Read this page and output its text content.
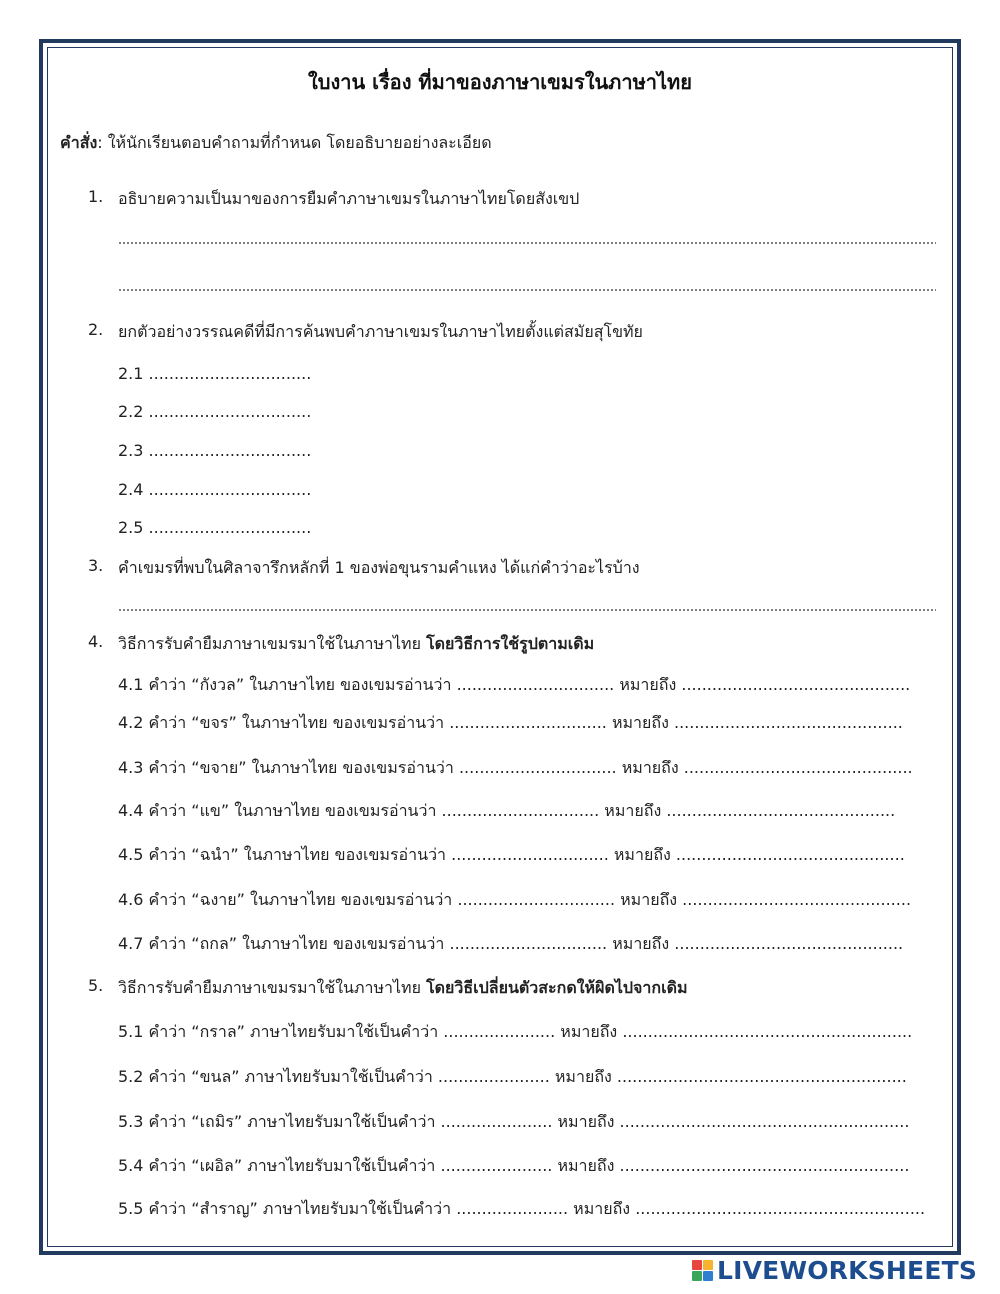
ใบงาน เรื่อง ที่มาของภาษาเขมรในภาษาไทย
คำสั่ง: ให้นักเรียนตอบคำถามที่กำหนด โดยอธิบายอย่างละเอียด
1. อธิบายความเป็นมาของการยืมคำภาษาเขมรในภาษาไทยโดยสังเขป
2. ยกตัวอย่างวรรณคดีที่มีการค้นพบคำภาษาเขมรในภาษาไทยตั้งแต่สมัยสุโขทัย
2.1 ................................
2.2 ................................
2.3 ................................
2.4 ................................
2.5 ................................
3. คำเขมรที่พบในศิลาจารึกหลักที่ 1 ของพ่อขุนรามคำแหง ได้แก่คำว่าอะไรบ้าง
4. วิธีการรับคำยืมภาษาเขมรมาใช้ในภาษาไทย โดยวิธีการใช้รูปตามเดิม
4.1 คำว่า “กังวล” ในภาษาไทย ของเขมรอ่านว่า ............................... หมายถึง .............................................
4.2 คำว่า “ขจร” ในภาษาไทย ของเขมรอ่านว่า ............................... หมายถึง .............................................
4.3 คำว่า “ขจาย” ในภาษาไทย ของเขมรอ่านว่า ............................... หมายถึง .............................................
4.4 คำว่า “แข” ในภาษาไทย ของเขมรอ่านว่า ............................... หมายถึง .............................................
4.5 คำว่า “ฉนำ” ในภาษาไทย ของเขมรอ่านว่า ............................... หมายถึง .............................................
4.6 คำว่า “ฉงาย” ในภาษาไทย ของเขมรอ่านว่า ............................... หมายถึง .............................................
4.7 คำว่า “ถกล” ในภาษาไทย ของเขมรอ่านว่า ............................... หมายถึง .............................................
5. วิธีการรับคำยืมภาษาเขมรมาใช้ในภาษาไทย โดยวิธีเปลี่ยนตัวสะกดให้ผิดไปจากเดิม
5.1 คำว่า “กราล” ภาษาไทยรับมาใช้เป็นคำว่า ...................... หมายถึง .........................................................
5.2 คำว่า “ขนล” ภาษาไทยรับมาใช้เป็นคำว่า ...................... หมายถึง .........................................................
5.3 คำว่า “เถมิร” ภาษาไทยรับมาใช้เป็นคำว่า ...................... หมายถึง .........................................................
5.4 คำว่า “เผอิล” ภาษาไทยรับมาใช้เป็นคำว่า ...................... หมายถึง .........................................................
5.5 คำว่า “สำราญ” ภาษาไทยรับมาใช้เป็นคำว่า ...................... หมายถึง .........................................................
LIVEWORKSHEETS
